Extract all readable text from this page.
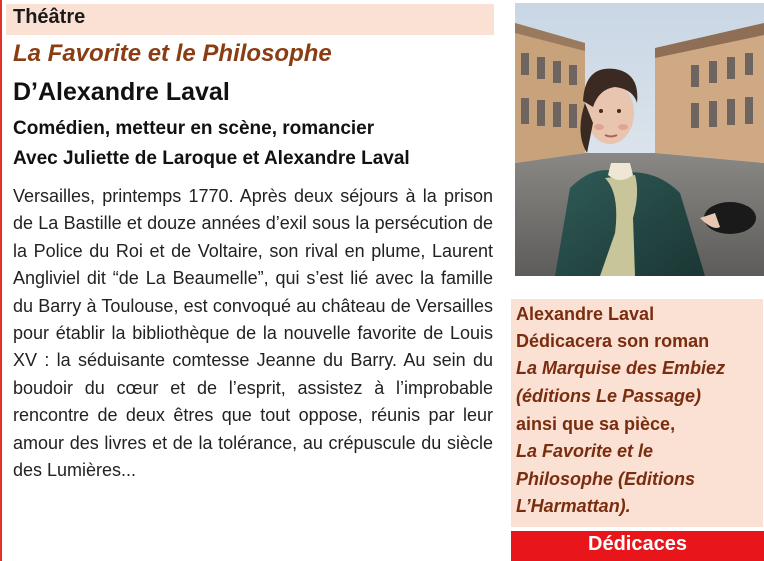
Théâtre
La Favorite et le Philosophe
D’Alexandre Laval
Comédien, metteur en scène, romancier
Avec Juliette de Laroque et Alexandre Laval

Versailles, printemps 1770. Après deux séjours à la prison de La Bastille et douze années d’exil sous la persécution de la Police du Roi et de Voltaire, son rival en plume, Laurent Angliviel dit “de La Beaumelle”, qui s’est lié avec la famille du Barry à Toulouse, est convoqué au château de Versailles pour établir la bibliothèque de la nouvelle favorite de Louis XV : la séduisante comtesse Jeanne du Barry. Au sein du boudoir du cœur et de l’esprit, assistez à l’improbable rencontre de deux êtres que tout oppose, réunis par leur amour des livres et de la tolérance, au crépuscule du siècle des Lumières...

Alexandre Laval
Dédicacera son roman
La Marquise des Embiez
(éditions Le Passage)
ainsi que sa pièce,
La Favorite et le
Philosophe (Editions
L’Harmattan).
Dédicaces
